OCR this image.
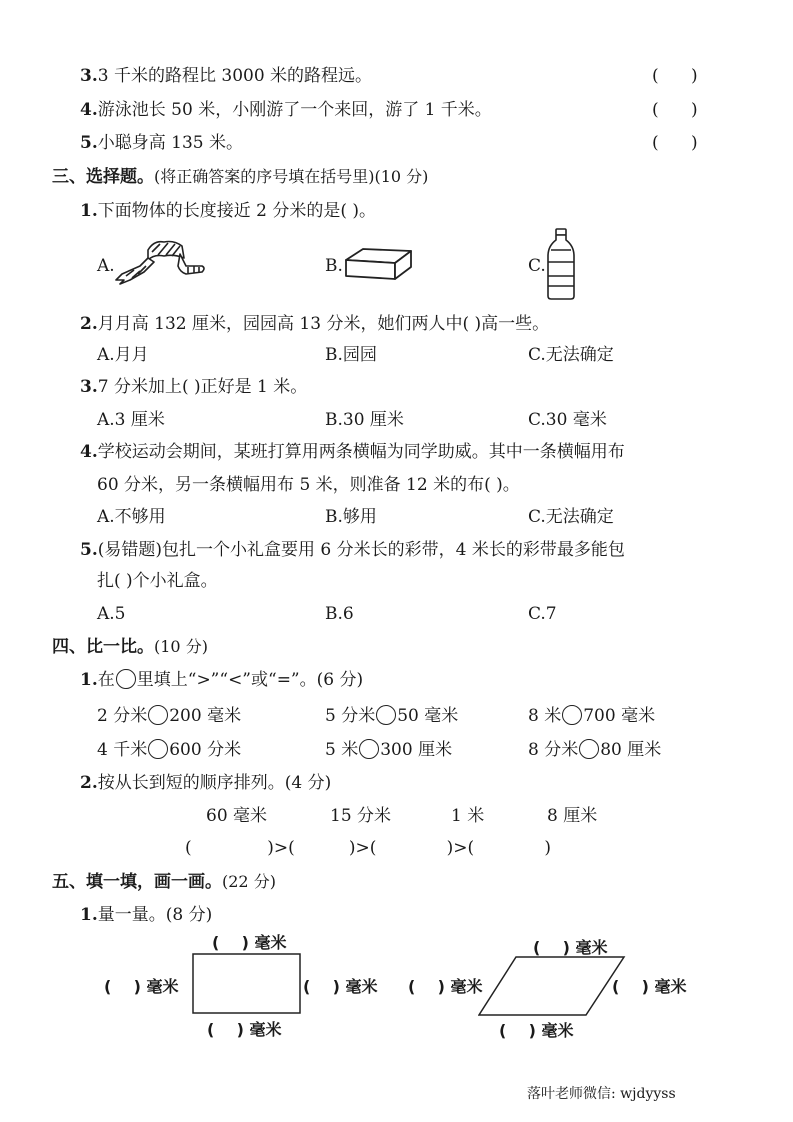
3.3 千米的路程比 3000 米的路程远。	(      )
4.游泳池长 50 米，小刚游了一个来回，游了 1 千米。	(      )
5.小聪身高 135 米。	(      )
三、选择题。(将正确答案的序号填在括号里)(10 分)
1.下面物体的长度接近 2 分米的是( )。
A.	B.	C.
2.月月高 132 厘米，园园高 13 分米，她们两人中( )高一些。
A.月月	B.园园	C.无法确定
3.7 分米加上( )正好是 1 米。
A.3 厘米	B.30 厘米	C.30 毫米
4.学校运动会期间，某班打算用两条横幅为同学助威。其中一条横幅用布
60 分米，另一条横幅用布 5 米，则准备 12 米的布( )。
A.不够用	B.够用	C.无法确定
5.(易错题)包扎一个小礼盒要用 6 分米长的彩带，4 米长的彩带最多能包
扎( )个小礼盒。
A.5	B.6	C.7
四、比一比。(10 分)
1.在 里填上“>”“<”或“=”。(6 分)
2 分米 200 毫米	5 分米 50 毫米	8 米 700 毫米
4 千米 600 分米	5 米 300 厘米	8 分米 80 厘米
2.按从长到短的顺序排列。(4 分)
60 毫米	15 分米	1 米	8 厘米
(              )>(          )>(             )>(             )
五、填一填，画一画。(22 分)
1.量一量。(8 分)
(    ) 毫米
(    ) 毫米	(    ) 毫米
(    ) 毫米
(    ) 毫米
(    ) 毫米	(    ) 毫米
(    ) 毫米
落叶老师微信: wjdyyss
